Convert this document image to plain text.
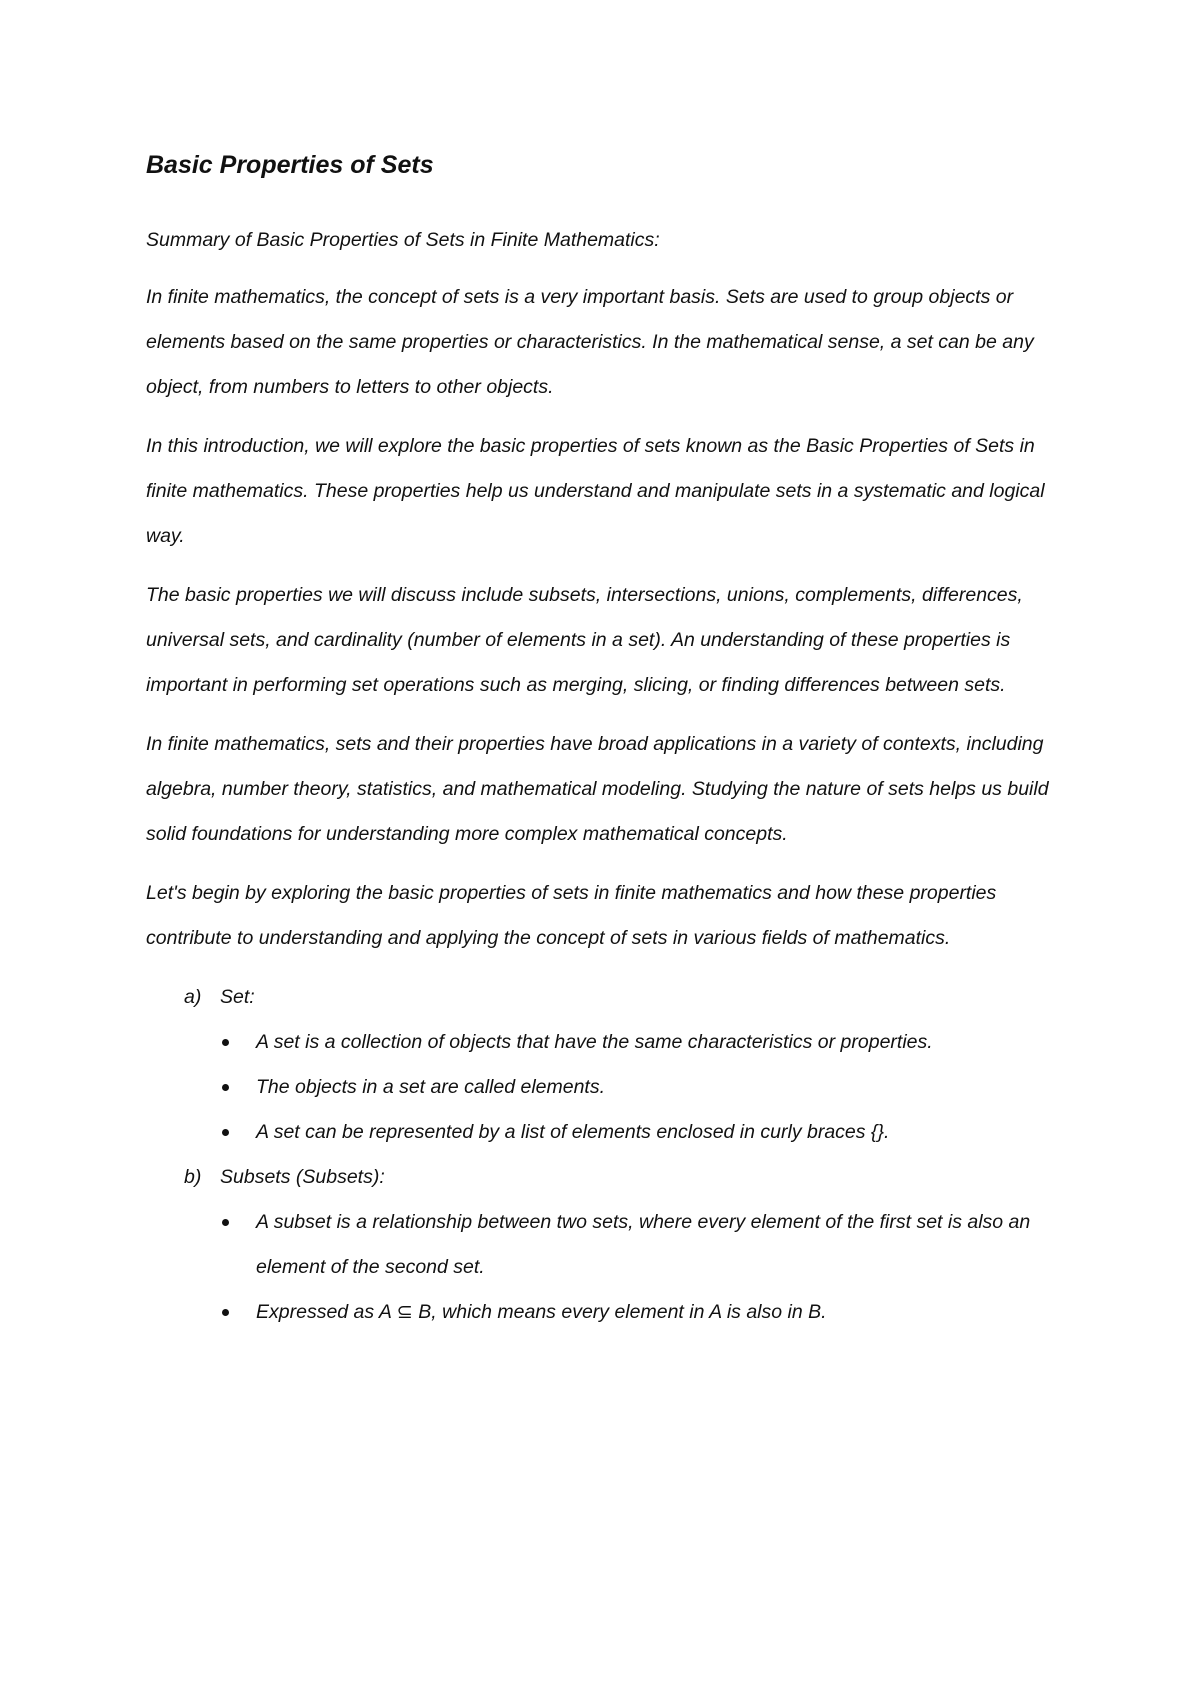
Basic Properties of Sets

Summary of Basic Properties of Sets in Finite Mathematics:

In finite mathematics, the concept of sets is a very important basis. Sets are used to group objects or elements based on the same properties or characteristics. In the mathematical sense, a set can be any object, from numbers to letters to other objects.

In this introduction, we will explore the basic properties of sets known as the Basic Properties of Sets in finite mathematics. These properties help us understand and manipulate sets in a systematic and logical way.

The basic properties we will discuss include subsets, intersections, unions, complements, differences, universal sets, and cardinality (number of elements in a set). An understanding of these properties is important in performing set operations such as merging, slicing, or finding differences between sets.

In finite mathematics, sets and their properties have broad applications in a variety of contexts, including algebra, number theory, statistics, and mathematical modeling. Studying the nature of sets helps us build solid foundations for understanding more complex mathematical concepts.

Let's begin by exploring the basic properties of sets in finite mathematics and how these properties contribute to understanding and applying the concept of sets in various fields of mathematics.

a) Set:
A set is a collection of objects that have the same characteristics or properties.
The objects in a set are called elements.
A set can be represented by a list of elements enclosed in curly braces {}.
b) Subsets (Subsets):
A subset is a relationship between two sets, where every element of the first set is also an element of the second set.
Expressed as A ⊆ B, which means every element in A is also in B.
